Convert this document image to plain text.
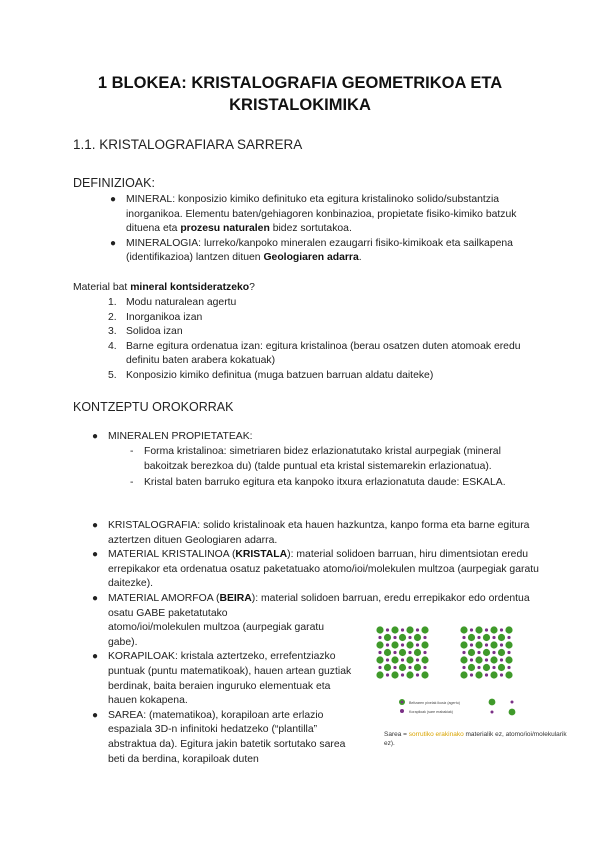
1 BLOKEA: KRISTALOGRAFIA GEOMETRIKOA ETA KRISTALOKIMIKA
1.1. KRISTALOGRAFIARA SARRERA
DEFINIZIOAK:
● MINERAL: konposizio kimiko definituko eta egitura kristalinoko solido/substantzia inorganikoa. Elementu baten/gehiagoren konbinazioa, propietate fisiko-kimiko batzuk dituena eta prozesu naturalen bidez sortutakoa.
● MINERALOGIA: lurreko/kanpoko mineralen ezaugarri fisiko-kimikoak eta sailkapena (identifikazioa) lantzen dituen Geologiaren adarra.
Material bat mineral kontsideratzeko?
1. Modu naturalean agertu
2. Inorganikoa izan
3. Solidoa izan
4. Barne egitura ordenatua izan: egitura kristalinoa (berau osatzen duten atomoak eredu definitu baten arabera kokatuak)
5. Konposizio kimiko definitua (muga batzuen barruan aldatu daiteke)
KONTZEPTU OROKORRAK
● MINERALEN PROPIETATEAK:
- Forma kristalinoa: simetriaren bidez erlazionatutako kristal aurpegiak (mineral bakoitzak berezkoa du) (talde puntual eta kristal sistemarekin erlazionatua).
- Kristal baten barruko egitura eta kanpoko itxura erlazionatuta daude: ESKALA.
● KRISTALOGRAFIA: solido kristalinoak eta hauen hazkuntza, kanpo forma eta barne egitura aztertzen dituen Geologiaren adarra.
● MATERIAL KRISTALINOA (KRISTALA): material solidoen barruan, hiru dimentsiotan eredu errepikakor eta ordenatua osatuz paketatuako atomo/ioi/molekulen multzoa (aurpegiak garatu daitezke).
● MATERIAL AMORFOA (BEIRA): material solidoen barruan, eredu errepikakor edo ordentua osatu GABE paketatutako
atomo/ioi/molekulen multzoa (aurpegiak garatu gabe).
● KORAPILOAK: kristala aztertzeko, errefentziazko puntuak (puntu matematikoak), hauen artean guztiak berdinak, baita beraien inguruko elementuak eta hauen kokapena.
● SAREA: (matematikoa), korapiloan arte erlazio espaziala 3D-n infinitoki hedatzeko (“plantilla” abstraktua da). Egitura jakin batetik sortutako sarea beti da berdina, korapiloak duten
Beltzaren pixelak ikusiz (agertu)
Korapiloak (sare erabakiak)
Sarea = sorrutiko erakinako materialik ez, atomo/ioi/molekularik ez).
